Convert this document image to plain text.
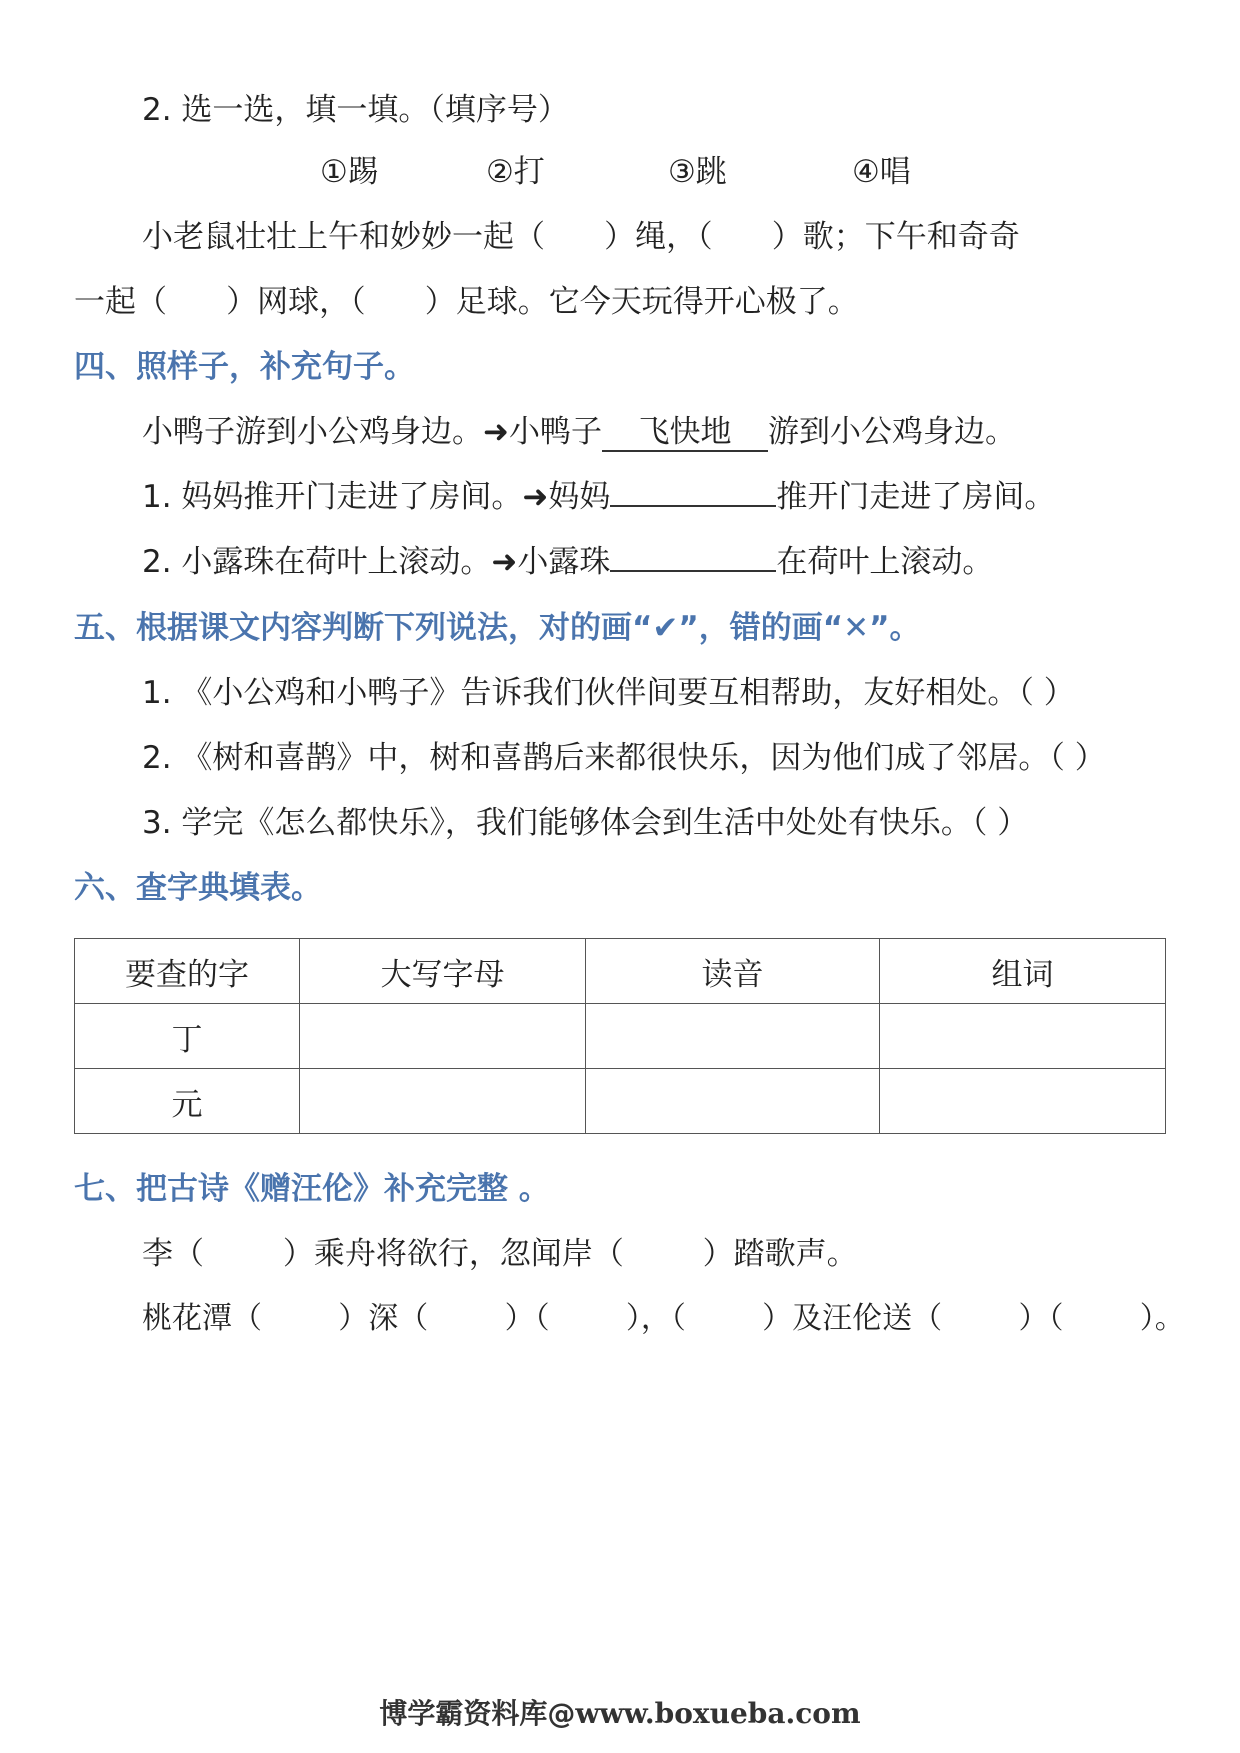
2. 选一选，填一填。（填序号）
①踢	②打	③跳	④唱
小老鼠壮壮上午和妙妙一起（ ）绳，（ ）歌；下午和奇奇
一起（ ）网球，（ ）足球。它今天玩得开心极了。
四、照样子，补充句子。
小鸭子游到小公鸡身边。➜小鸭子 飞快地 游到小公鸡身边。
1. 妈妈推开门走进了房间。➜妈妈	推开门走进了房间。
2. 小露珠在荷叶上滚动。➜小露珠	在荷叶上滚动。
五、根据课文内容判断下列说法，对的画“✔”，错的画“✕”。
1. 《小公鸡和小鸭子》告诉我们伙伴间要互相帮助，友好相处。（ ）
2. 《树和喜鹊》中，树和喜鹊后来都很快乐，因为他们成了邻居。（ ）
3. 学完《怎么都快乐》，我们能够体会到生活中处处有快乐。（ ）
六、查字典填表。
要查的字	大写字母	读音	组词
丁			
元			
七、把古诗《赠汪伦》补充完整 。
李（        ）乘舟将欲行，忽闻岸（        ）踏歌声。
桃花潭（        ）深（        ）（        ），（        ）及汪伦送（        ）（        ）。
博学霸资料库@www.boxueba.com
